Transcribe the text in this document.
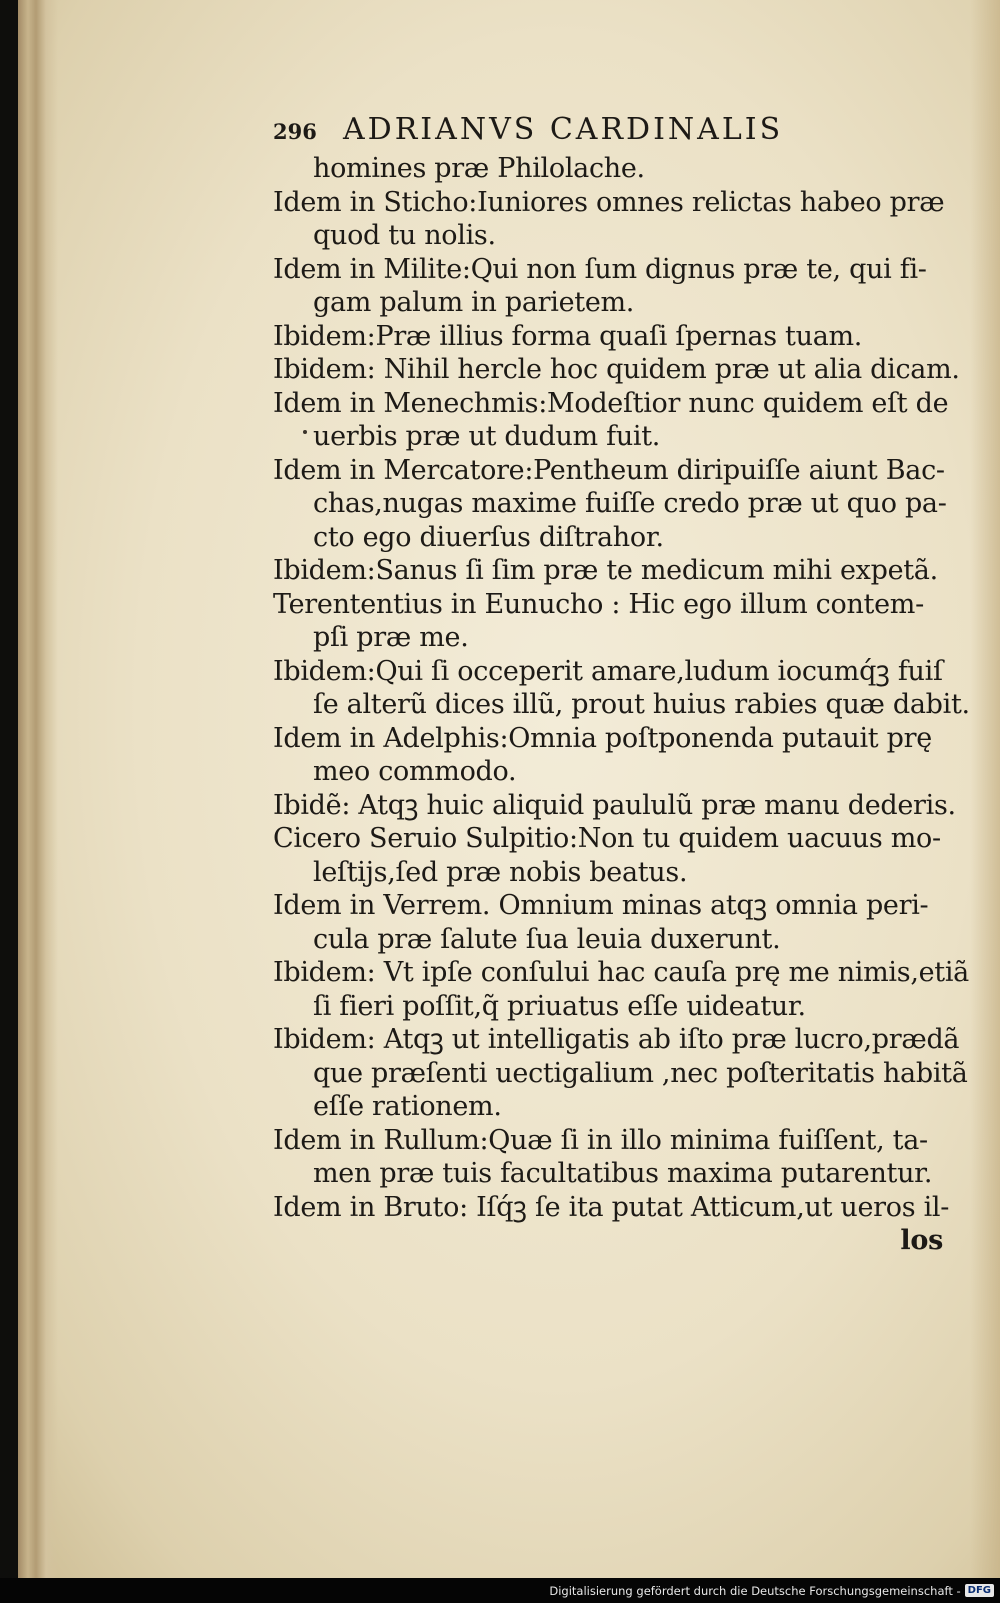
296 ADRIANVS CARDINALIS
homines præ Philolache.
Idem in Sticho:Iuniores omnes relictas habeo præ
quod tu nolis.
Idem in Milite:Qui non ſum dignus præ te, qui fi-
gam palum in parietem.
Ibidem:Præ illius forma quaſi ſpernas tuam.
Ibidem: Nihil hercle hoc quidem præ ut alia dicam.
Idem in Menechmis:Modeſtior nunc quidem eſt de
uerbis præ ut dudum fuit.
Idem in Mercatore:Pentheum diripuiſſe aiunt Bac-
chas,nugas maxime fuiſſe credo præ ut quo pa-
cto ego diuerſus diſtrahor.
Ibidem:Sanus ſi ſim præ te medicum mihi expetã.
Terententius in Eunucho : Hic ego illum contem-
pſi præ me.
Ibidem:Qui ſi occeperit amare,ludum iocumq́ꝫ fuiſ
ſe alterũ dices illũ, prout huius rabies quæ dabit.
Idem in Adelphis:Omnia poſtponenda putauit prę
meo commodo.
Ibidẽ: Atqꝫ huic aliquid paululũ præ manu dederis.
Cicero Seruio Sulpitio:Non tu quidem uacuus mo-
leſtijs,ſed præ nobis beatus.
Idem in Verrem. Omnium minas atqꝫ omnia peri-
cula præ ſalute ſua leuia duxerunt.
Ibidem: Vt ipſe conſului hac cauſa prę me nimis,etiã
ſi fieri poſſit,q̃ priuatus eſſe uideatur.
Ibidem: Atqꝫ ut intelligatis ab iſto præ lucro,prædã
que præſenti uectigalium ,nec poſteritatis habitã
eſſe rationem.
Idem in Rullum:Quæ ſi in illo minima fuiſſent, ta-
men præ tuis facultatibus maxima putarentur.
Idem in Bruto: Iſq́ꝫ ſe ita putat Atticum,ut ueros il-
los
Digitalisierung gefördert durch die Deutsche Forschungsgemeinschaft - DFG
